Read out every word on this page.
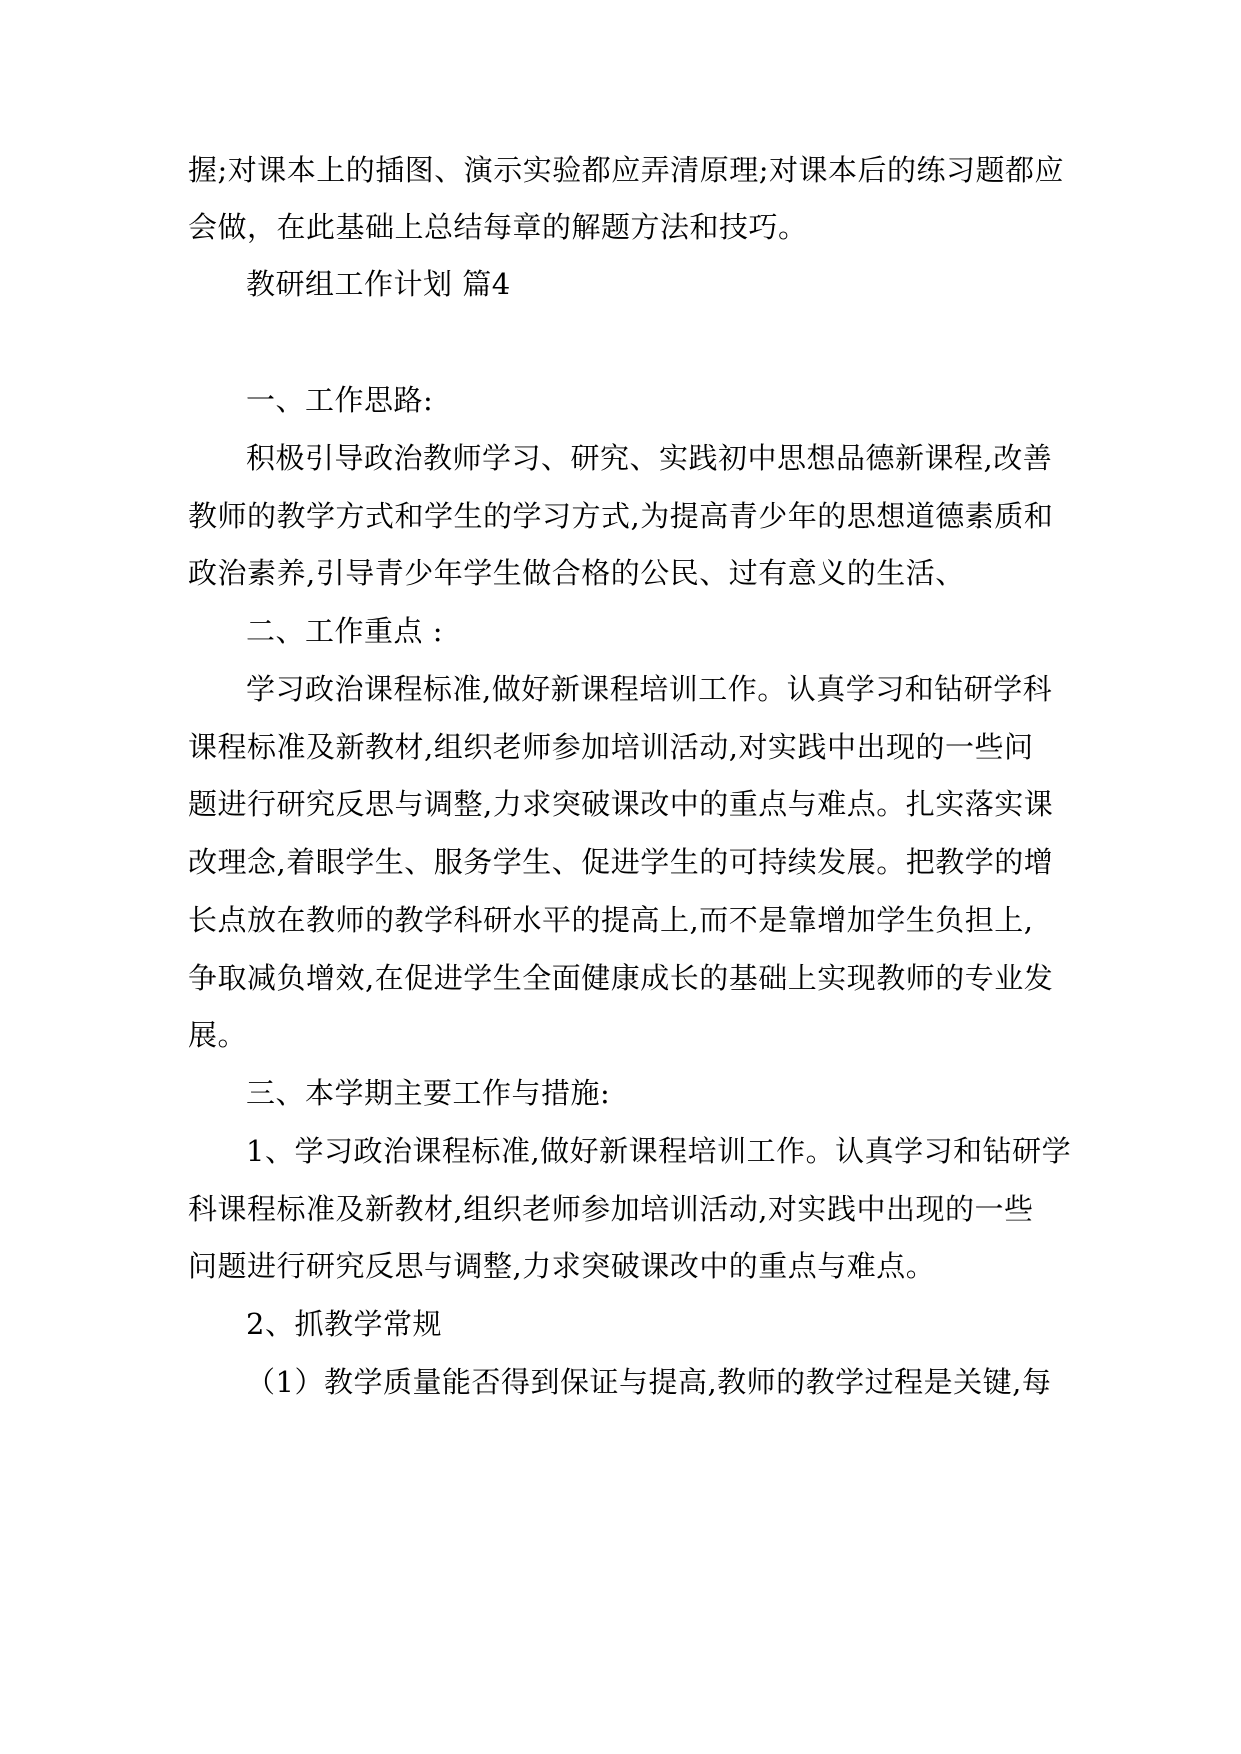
握;对课本上的插图、演示实验都应弄清原理;对课本后的练习题都应
会做，在此基础上总结每章的解题方法和技巧。
教研组工作计划 篇4
一、工作思路:
积极引导政治教师学习、研究、实践初中思想品德新课程,改善
教师的教学方式和学生的学习方式,为提高青少年的思想道德素质和
政治素养,引导青少年学生做合格的公民、过有意义的生活、
二、工作重点 :
学习政治课程标准,做好新课程培训工作。认真学习和钻研学科
课程标准及新教材,组织老师参加培训活动,对实践中出现的一些问
题进行研究反思与调整,力求突破课改中的重点与难点。扎实落实课
改理念,着眼学生、服务学生、促进学生的可持续发展。把教学的增
长点放在教师的教学科研水平的提高上,而不是靠增加学生负担上,
争取减负增效,在促进学生全面健康成长的基础上实现教师的专业发
展。
三、本学期主要工作与措施:
1、学习政治课程标准,做好新课程培训工作。认真学习和钻研学
科课程标准及新教材,组织老师参加培训活动,对实践中出现的一些
问题进行研究反思与调整,力求突破课改中的重点与难点。
2、抓教学常规
（1）教学质量能否得到保证与提高,教师的教学过程是关键,每
